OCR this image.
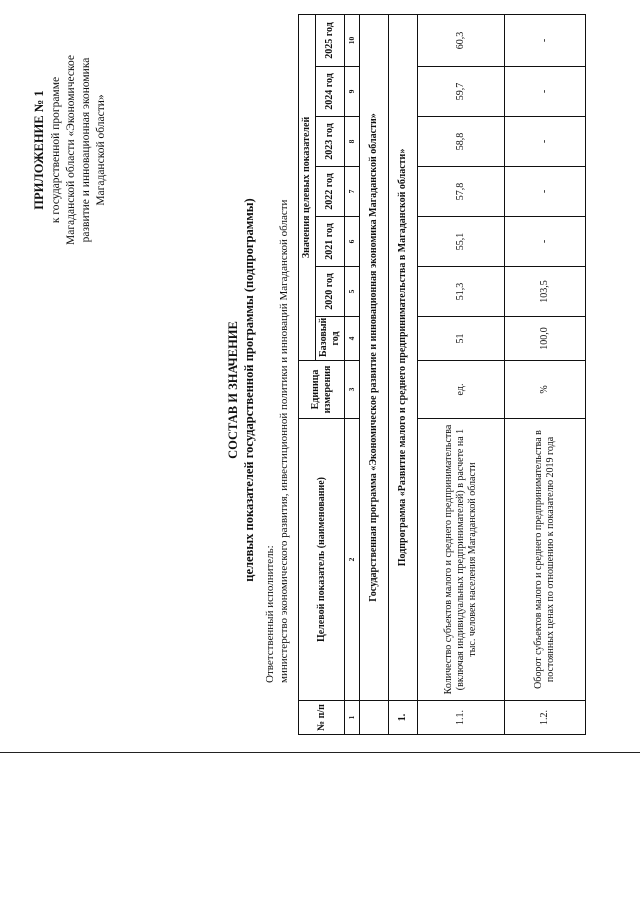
ПРИЛОЖЕНИЕ № 1 к государственной программе Магаданской области «Экономическое развитие и инновационная экономика Магаданской области»
СОСТАВ И ЗНАЧЕНИЕ целевых показателей государственной программы (подпрограммы)
Ответственный исполнитель: министерство экономического развития, инвестиционной политики и инноваций Магаданской области
№ п/п	Целевой показатель (наименование)	Единица измерения	Значения целевых показателей						
			Базовый год	2020 год	2021 год	2022 год	2023 год	2024 год	2025 год
1	2	3	4	5	6	7	8	9	10
	Государственная программа «Экономическое развитие и инновационная экономика Магаданской области»								
1.	Подпрограмма «Развитие малого и среднего предпринимательства в Магаданской области»								
1.1.	Количество субъектов малого и среднего предпринимательства (включая индивидуальных предпринимателей) в расчете на 1 тыс. человек населения Магаданской области	ед.	51	51,3	55,1	57,8	58,8	59,7	60,3
1.2.	Оборот субъектов малого и среднего предпринимательства в постоянных ценах по отношению к показателю 2019 года	%	100,0	103,5	-	-	-	-	-
